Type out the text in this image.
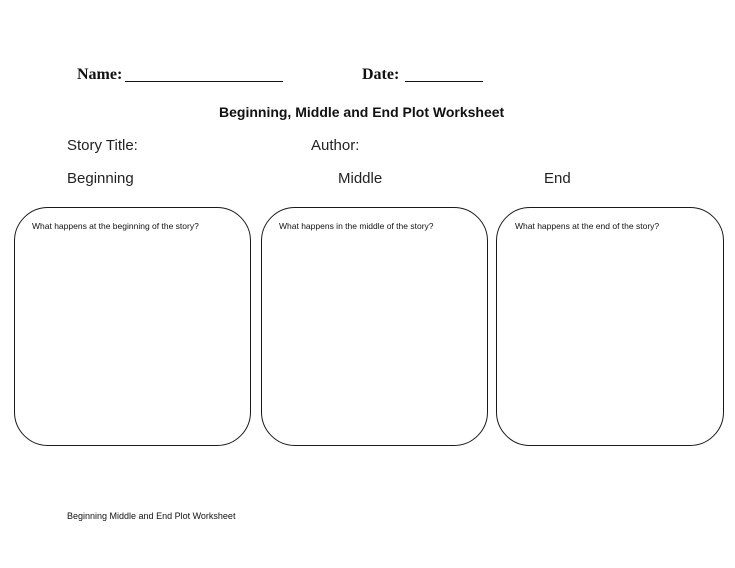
Name:	Date:
Beginning, Middle and End Plot Worksheet
Story Title:	Author:
Beginning	Middle	End
What happens at the beginning of the story?	What happens in the middle of the story?	What happens at the end of the story?
Beginning Middle and End Plot Worksheet
